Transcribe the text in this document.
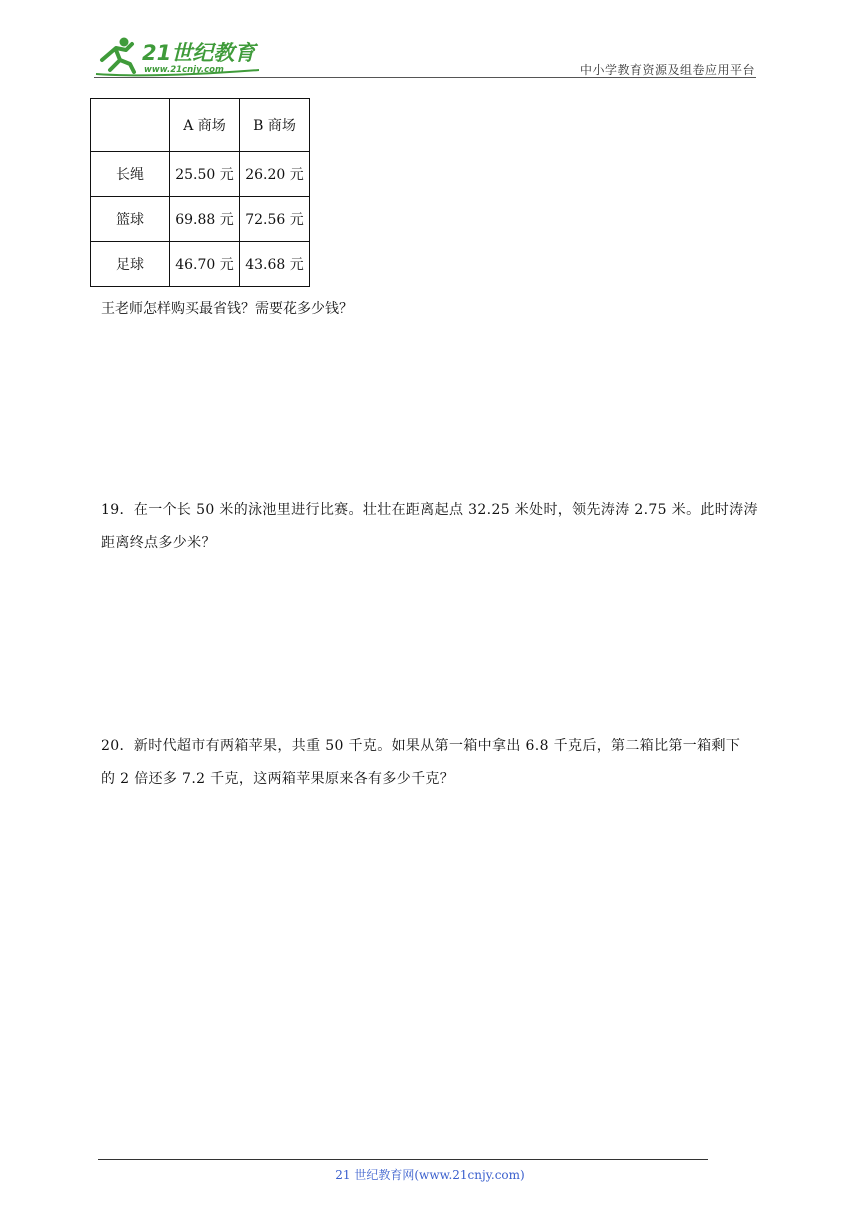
21世纪教育
www.21cnjy.com	中小学教育资源及组卷应用平台
	A 商场	B 商场
长绳	25.50 元	26.20 元
篮球	69.88 元	72.56 元
足球	46.70 元	43.68 元
王老师怎样购买最省钱？需要花多少钱？
19．在一个长 50 米的泳池里进行比赛。壮壮在距离起点 32.25 米处时，领先涛涛 2.75 米。此时涛涛
距离终点多少米？
20．新时代超市有两箱苹果，共重 50 千克。如果从第一箱中拿出 6.8 千克后，第二箱比第一箱剩下
的 2 倍还多 7.2 千克，这两箱苹果原来各有多少千克？
21 世纪教育网(www.21cnjy.com)
